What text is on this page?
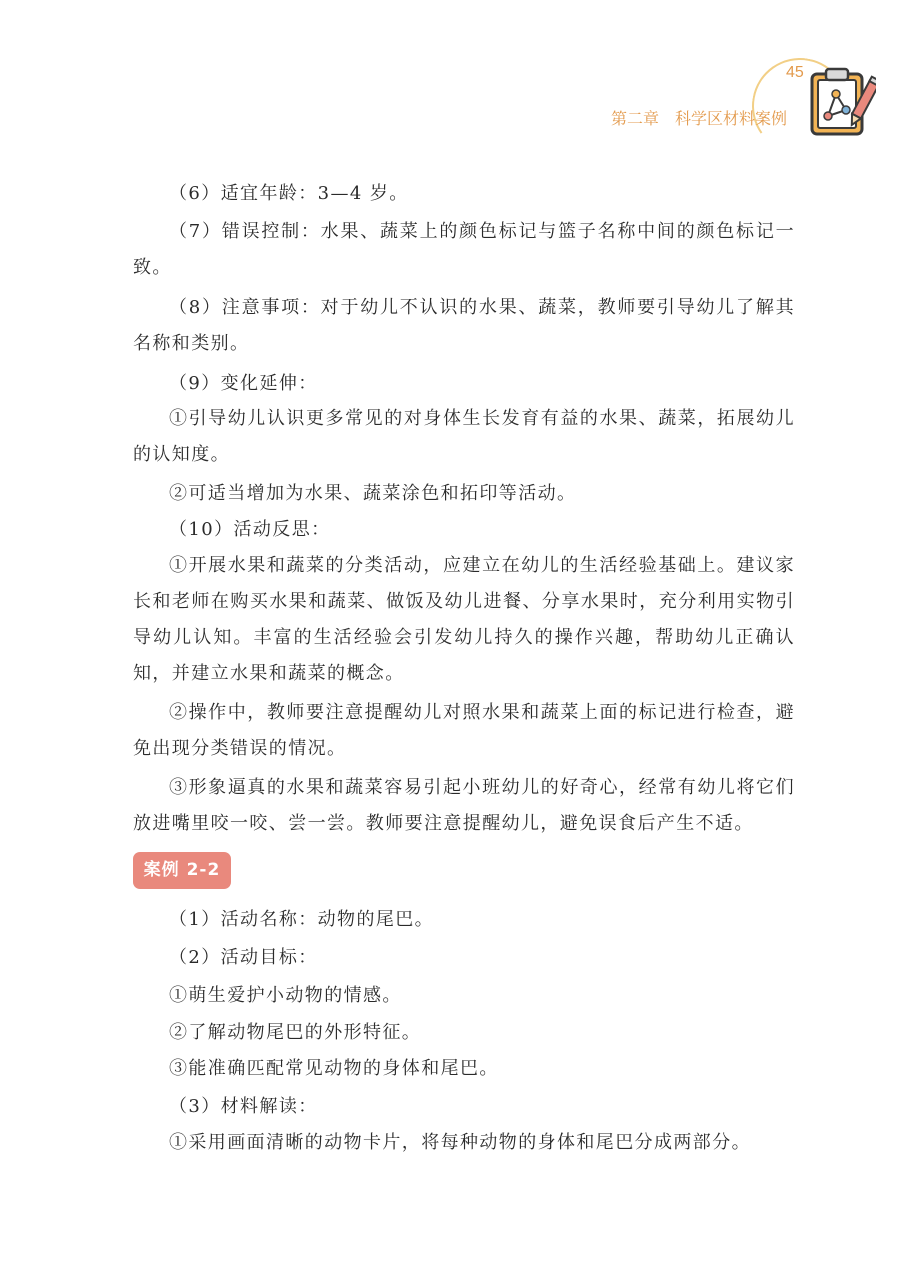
45
第二章　科学区材料案例

（6）适宜年龄：3—4 岁。

（7）错误控制：水果、蔬菜上的颜色标记与篮子名称中间的颜色标记一致。

（8）注意事项：对于幼儿不认识的水果、蔬菜，教师要引导幼儿了解其名称和类别。

（9）变化延伸：

①引导幼儿认识更多常见的对身体生长发育有益的水果、蔬菜，拓展幼儿的认知度。

②可适当增加为水果、蔬菜涂色和拓印等活动。

（10）活动反思：

①开展水果和蔬菜的分类活动，应建立在幼儿的生活经验基础上。建议家长和老师在购买水果和蔬菜、做饭及幼儿进餐、分享水果时，充分利用实物引导幼儿认知。丰富的生活经验会引发幼儿持久的操作兴趣，帮助幼儿正确认知，并建立水果和蔬菜的概念。

②操作中，教师要注意提醒幼儿对照水果和蔬菜上面的标记进行检查，避免出现分类错误的情况。

③形象逼真的水果和蔬菜容易引起小班幼儿的好奇心，经常有幼儿将它们放进嘴里咬一咬、尝一尝。教师要注意提醒幼儿，避免误食后产生不适。

（1）活动名称：动物的尾巴。

（2）活动目标：

①萌生爱护小动物的情感。

②了解动物尾巴的外形特征。

③能准确匹配常见动物的身体和尾巴。

（3）材料解读：

①采用画面清晰的动物卡片，将每种动物的身体和尾巴分成两部分。

案例 2-2
